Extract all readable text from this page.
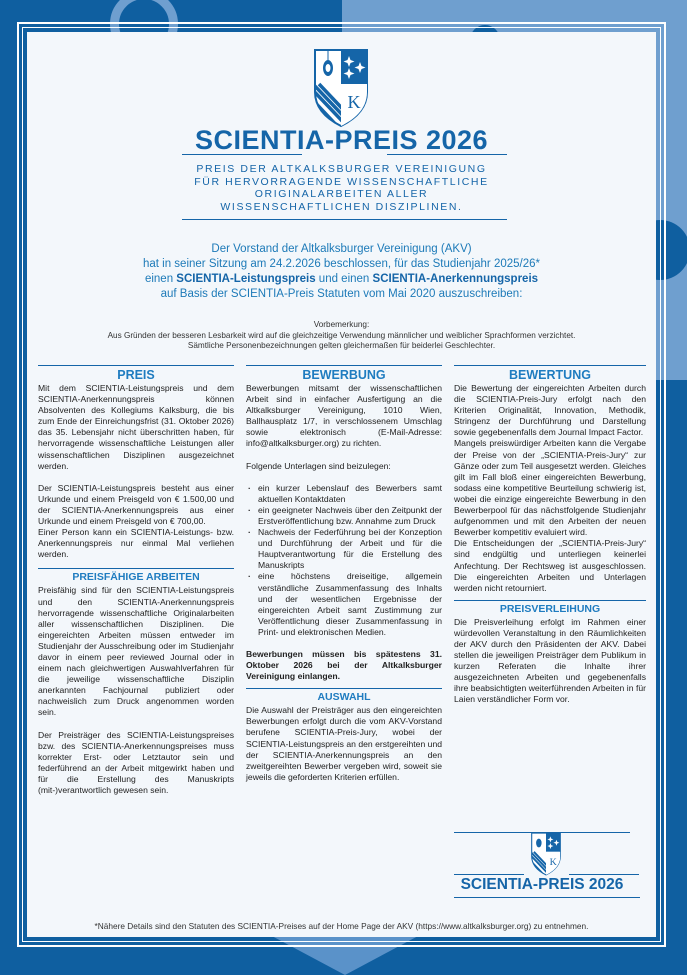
K
SCIENTIA-PREIS 2026
PREIS DER ALTKALKSBURGER VEREINIGUNG
FÜR HERVORRAGENDE WISSENSCHAFTLICHE
ORIGINALARBEITEN ALLER
WISSENSCHAFTLICHEN DISZIPLINEN.
Der Vorstand der Altkalksburger Vereinigung (AKV)
hat in seiner Sitzung am 24.2.2026 beschlossen, für das Studienjahr 2025/26*
einen SCIENTIA-Leistungspreis und einen SCIENTIA-Anerkennungspreis
auf Basis der SCIENTIA-Preis Statuten vom Mai 2020 auszuschreiben:
Vorbemerkung:
Aus Gründen der besseren Lesbarkeit wird auf die gleichzeitige Verwendung männlicher und weiblicher Sprachformen verzichtet.
Sämtliche Personenbezeichnungen gelten gleichermaßen für beiderlei Geschlechter.
PREIS

Mit dem SCIENTIA-Leistungspreis und dem SCIENTIA-Anerkennungspreis können Absolventen des Kollegiums Kalksburg, die bis zum Ende der Einreichungsfrist (31. Oktober 2026) das 35. Lebensjahr nicht überschritten haben, für hervorragende wissenschaftliche Leistungen aller wissenschaftlichen Disziplinen ausgezeichnet werden.

Der SCIENTIA-Leistungspreis besteht aus einer Urkunde und einem Preisgeld von € 1.500,00 und der SCIENTIA-Anerkennungspreis aus einer Urkunde und einem Preisgeld von € 700,00.

Einer Person kann ein SCIENTIA-Leistungs- bzw. Anerkennungspreis nur einmal Mal verliehen werden.

PREISFÄHIGE ARBEITEN

Preisfähig sind für den SCIENTIA-Leistungspreis und den SCIENTIA-Anerkennungspreis hervorragende wissenschaftliche Originalarbeiten aller wissenschaftlichen Disziplinen. Die eingereichten Arbeiten müssen entweder im Studienjahr der Ausschreibung oder im Studienjahr davor in einem peer reviewed Journal oder in einem nach gleichwertigen Auswahlverfahren für die jeweilige wissenschaftliche Disziplin anerkannten Fachjournal publiziert oder nachweislich zum Druck angenommen worden sein.

Der Preisträger des SCIENTIA-Leistungspreises bzw. des SCIENTIA-Anerkennungspreises muss korrekter Erst- oder Letztautor sein und federführend an der Arbeit mitgewirkt haben und für die Erstellung des Manuskripts (mit-)verantwortlich gewesen sein.

BEWERBUNG

Bewerbungen mitsamt der wissenschaftlichen Arbeit sind in einfacher Ausfertigung an die Altkalksburger Vereinigung, 1010 Wien, Ballhausplatz 1/7, in verschlossenem Umschlag sowie elektronisch (E-Mail-Adresse: info@altkalksburger.org) zu richten.

Folgende Unterlagen sind beizulegen:

· ein kurzer Lebenslauf des Bewerbers samt aktuellen Kontaktdaten
· ein geeigneter Nachweis über den Zeitpunkt der Erstveröffentlichung bzw. Annahme zum Druck
· Nachweis der Federführung bei der Konzeption und Durchführung der Arbeit und für die Hauptverantwortung für die Erstellung des Manuskripts
· eine höchstens dreiseitige, allgemein verständliche Zusammenfassung des Inhalts und der wesentlichen Ergebnisse der eingereichten Arbeit samt Zustimmung zur Veröffentlichung dieser Zusammenfassung in Print- und elektronischen Medien.

Bewerbungen müssen bis spätestens 31. Oktober 2026 bei der Altkalksburger Vereinigung einlangen.

AUSWAHL

Die Auswahl der Preisträger aus den eingereichten Bewerbungen erfolgt durch die vom AKV-Vorstand berufene SCIENTIA-Preis-Jury, wobei der SCIENTIA-Leistungspreis an den erstgereihten und der SCIENTIA-Anerkennungspreis an den zweitgereihten Bewerber vergeben wird, soweit sie jeweils die geforderten Kriterien erfüllen.

BEWERTUNG

Die Bewertung der eingereichten Arbeiten durch die SCIENTIA-Preis-Jury erfolgt nach den Kriterien Originalität, Innovation, Methodik, Stringenz der Durchführung und Darstellung sowie gegebenenfalls dem Journal Impact Factor.

Mangels preiswürdiger Arbeiten kann die Vergabe der Preise von der „SCIENTIA-Preis-Jury“ zur Gänze oder zum Teil ausgesetzt werden. Gleiches gilt im Fall bloß einer eingereichten Bewerbung, sodass eine kompetitive Beurteilung schwierig ist, wobei die einzige eingereichte Bewerbung in den Bewerberpool für das nächstfolgende Studienjahr aufgenommen und mit den Arbeiten der neuen Bewerber kompetitiv evaluiert wird.

Die Entscheidungen der „SCIENTIA-Preis-Jury“ sind endgültig und unterliegen keinerlei Anfechtung. Der Rechtsweg ist ausgeschlossen. Die eingereichten Arbeiten und Unterlagen werden nicht retourniert.

PREISVERLEIHUNG

Die Preisverleihung erfolgt im Rahmen einer würdevollen Veranstaltung in den Räumlichkeiten der AKV durch den Präsidenten der AKV. Dabei stellen die jeweiligen Preisträger dem Publikum in kurzen Referaten die Inhalte ihrer ausgezeichneten Arbeiten und gegebenenfalls ihre beabsichtigten weiterführenden Arbeiten in für Laien verständlicher Form vor.

K
SCIENTIA-PREIS 2026
*Nähere Details sind den Statuten des SCIENTIA-Preises auf der Home Page der AKV (https://www.altkalksburger.org) zu entnehmen.
